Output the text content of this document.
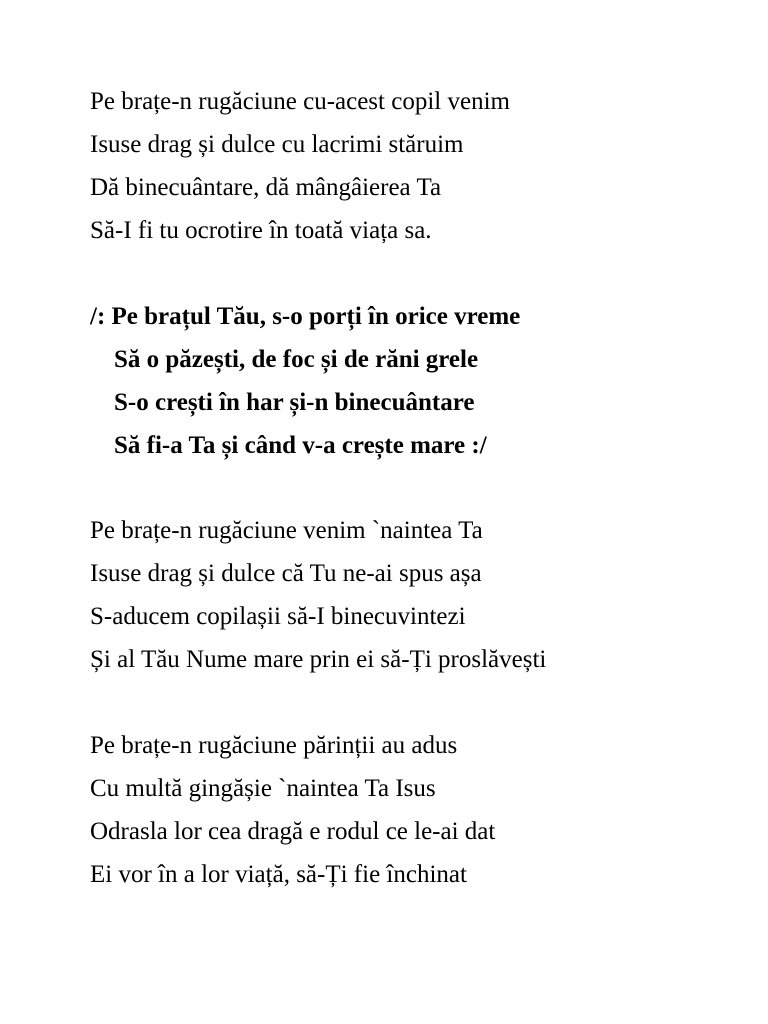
Pe brațe-n rugăciune cu-acest copil venim
Isuse drag și dulce cu lacrimi stăruim
Dă binecuântare, dă mângâierea Ta
Să-I fi tu ocrotire în toată viața sa.
/: Pe brațul Tău, s-o porți în orice vreme
Să o păzești, de foc și de răni grele
S-o crești în har și-n binecuântare
Să fi-a Ta și când v-a crește mare :/
Pe brațe-n rugăciune venim `naintea Ta
Isuse drag și dulce că Tu ne-ai spus așa
S-aducem copilașii să-I binecuvintezi
Și al Tău Nume mare prin ei să-Ți proslăvești
Pe brațe-n rugăciune părinții au adus
Cu multă gingășie `naintea Ta Isus
Odrasla lor cea dragă e rodul ce le-ai dat
Ei vor în a lor viață, să-Ți fie închinat
